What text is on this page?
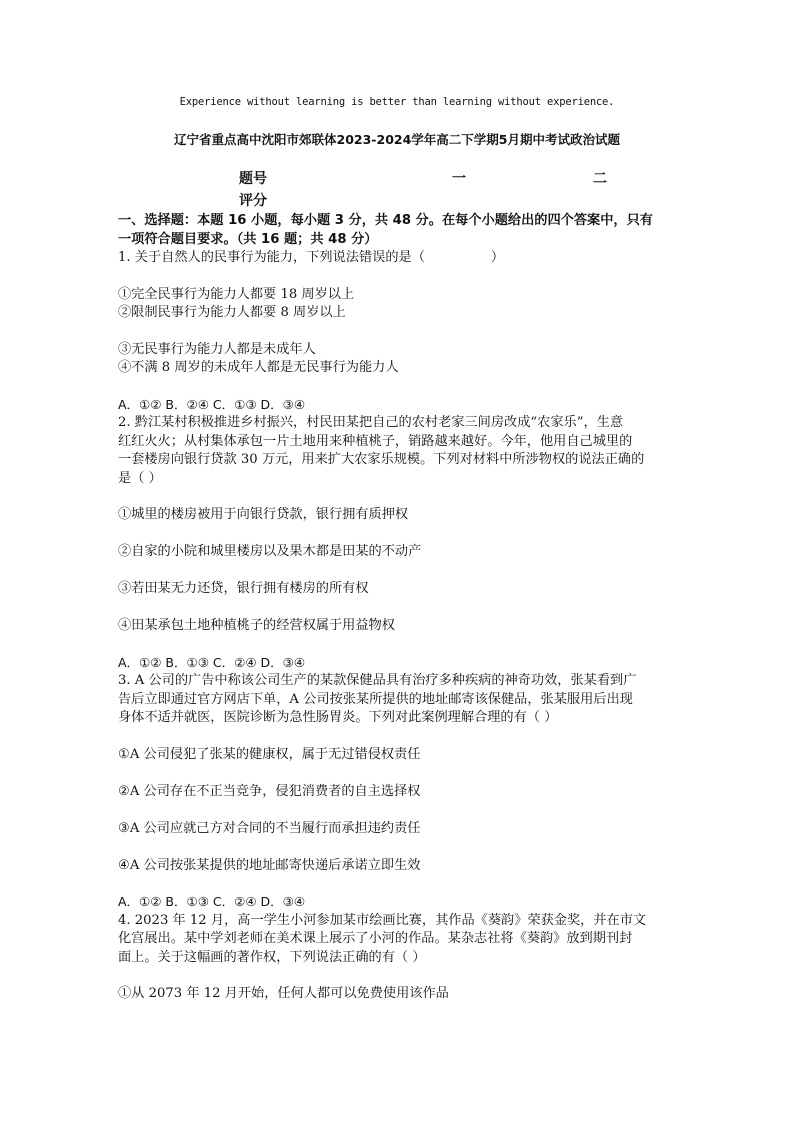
Experience without learning is better than learning without experience.
辽宁省重点高中沈阳市郊联体2023-2024学年高二下学期5月期中考试政治试题
题号	一	二
评分
一、选择题：本题 16 小题，每小题 3 分，共 48 分。在每个小题给出的四个答案中，只有
一项符合题目要求。（共 16 题；共 48 分）
1. 关于自然人的民事行为能力，下列说法错误的是（　　　　　）
①完全民事行为能力人都要 18 周岁以上
②限制民事行为能力人都要 8 周岁以上
③无民事行为能力人都是未成年人
④不满 8 周岁的未成年人都是无民事行为能力人
A．①② B．②④ C．①③ D．③④
2. 黔江某村积极推进乡村振兴，村民田某把自己的农村老家三间房改成“农家乐”，生意
红红火火；从村集体承包一片土地用来种植桃子，销路越来越好。今年，他用自己城里的
一套楼房向银行贷款 30 万元，用来扩大农家乐规模。下列对材料中所涉物权的说法正确的
是（ ）
①城里的楼房被用于向银行贷款，银行拥有质押权
②自家的小院和城里楼房以及果木都是田某的不动产
③若田某无力还贷，银行拥有楼房的所有权
④田某承包土地种植桃子的经营权属于用益物权
A．①② B．①③ C．②④ D．③④
3. A 公司的广告中称该公司生产的某款保健品具有治疗多种疾病的神奇功效，张某看到广
告后立即通过官方网店下单，A 公司按张某所提供的地址邮寄该保健品，张某服用后出现
身体不适并就医，医院诊断为急性肠胃炎。下列对此案例理解合理的有（ ）
①A 公司侵犯了张某的健康权，属于无过错侵权责任
②A 公司存在不正当竞争，侵犯消费者的自主选择权
③A 公司应就己方对合同的不当履行而承担违约责任
④A 公司按张某提供的地址邮寄快递后承诺立即生效
A．①② B．①③ C．②④ D．③④
4. 2023 年 12 月，高一学生小河参加某市绘画比赛，其作品《葵韵》荣获金奖，并在市文
化宫展出。某中学刘老师在美术课上展示了小河的作品。某杂志社将《葵韵》放到期刊封
面上。关于这幅画的著作权，下列说法正确的有（ ）
①从 2073 年 12 月开始，任何人都可以免费使用该作品
